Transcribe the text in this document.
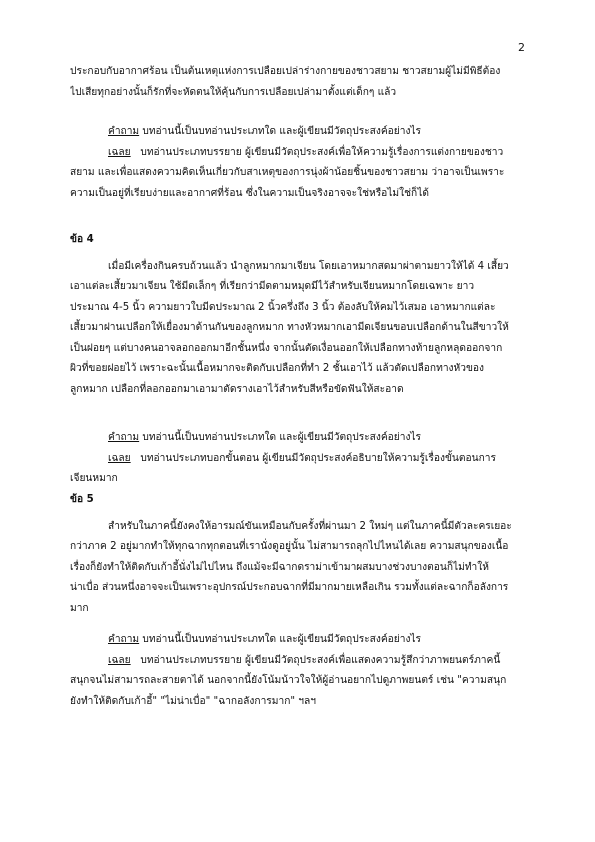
2
ประกอบกับอากาศร้อน เป็นต้นเหตุแห่งการเปลือยเปล่าร่างกายของชาวสยาม ชาวสยามผู้ไม่มีพิธีต้อง
ไปเสียทุกอย่างนั้นก็รักที่จะหัดตนให้คุ้นกับการเปลือยเปล่ามาตั้งแต่เด็กๆ แล้ว
คำถาม บทอ่านนี้เป็นบทอ่านประเภทใด และผู้เขียนมีวัตถุประสงค์อย่างไร
เฉลย บทอ่านประเภทบรรยาย ผู้เขียนมีวัตถุประสงค์เพื่อให้ความรู้เรื่องการแต่งกายของชาว
สยาม และเพื่อแสดงความคิดเห็นเกี่ยวกับสาเหตุของการนุ่งผ้าน้อยชิ้นของชาวสยาม ว่าอาจเป็นเพราะ
ความเป็นอยู่ที่เรียบง่ายและอากาศที่ร้อน ซึ่งในความเป็นจริงอาจจะใช่หรือไม่ใช่ก็ได้
ข้อ 4
เมื่อมีเครื่องกินครบถ้วนแล้ว นำลูกหมากมาเจียน โดยเอาหมากสดมาผ่าตามยาวให้ได้ 4 เสี้ยว
เอาแต่ละเสี้ยวมาเจียน ใช้มีดเล็กๆ ที่เรียกว่ามีดตามหมุดมีไว้สำหรับเจียนหมากโดยเฉพาะ ยาว
ประมาณ 4-5 นิ้ว ความยาวใบมีดประมาณ 2 นิ้วครึ่งถึง 3 นิ้ว ต้องลับให้คมไว้เสมอ เอาหมากแต่ละ
เสี้ยวมาฝานเปลือกให้เยื่องมาด้านกันของลูกหมาก ทางหัวหมากเอามีดเจียนขอบเปลือกด้านในสีขาวให้
เป็นฝอยๆ แต่บางคนอาจลอกออกมาอีกชั้นหนึ่ง จากนั้นตัดเงื่อนออกให้เปลือกทางท้ายลูกหลุดออกจาก
ผิวที่ขอยฝอยไว้ เพราะฉะนั้นเนื้อหมากจะติดกับเปลือกที่ทำ 2 ชั้นเอาไว้ แล้วตัดเปลือกทางหัวของ
ลูกหมาก เปลือกที่ลอกออกมาเอามาตัดรางเอาไว้สำหรับสีหรือขัดฟันให้สะอาด
คำถาม บทอ่านนี้เป็นบทอ่านประเภทใด และผู้เขียนมีวัตถุประสงค์อย่างไร
เฉลย บทอ่านประเภทบอกขั้นตอน ผู้เขียนมีวัตถุประสงค์อธิบายให้ความรู้เรื่องขั้นตอนการ
เจียนหมาก
ข้อ 5
สำหรับในภาคนี้ยังคงให้อารมณ์ขันเหมือนกับครั้งที่ผ่านมา 2 ใหม่ๆ แต่ในภาคนี้มีตัวละครเยอะ
กว่าภาค 2 อยู่มากทำให้ทุกฉากทุกตอนที่เรานั่งดูอยู่นั้น ไม่สามารถลุกไปไหนได้เลย ความสนุกของเนื้อ
เรื่องก็ยังทำให้ติดกับเก้าอี้นั่งไม่ไปไหน ถึงแม้จะมีฉากดราม่าเข้ามาผสมบางช่วงบางตอนก็ไม่ทำให้
น่าเบื่อ ส่วนหนึ่งอาจจะเป็นเพราะอุปกรณ์ประกอบฉากที่มีมากมายเหลือเกิน รวมทั้งแต่ละฉากก็อลังการ
มาก
คำถาม บทอ่านนี้เป็นบทอ่านประเภทใด และผู้เขียนมีวัตถุประสงค์อย่างไร
เฉลย บทอ่านประเภทบรรยาย ผู้เขียนมีวัตถุประสงค์เพื่อแสดงความรู้สึกว่าภาพยนตร์ภาคนี้
สนุกจนไม่สามารถละสายตาได้ นอกจากนี้ยังโน้มน้าวใจให้ผู้อ่านอยากไปดูภาพยนตร์ เช่น "ความสนุก
ยังทำให้ติดกับเก้าอี้" "ไม่น่าเบื่อ" "ฉากอลังการมาก" ฯลฯ
